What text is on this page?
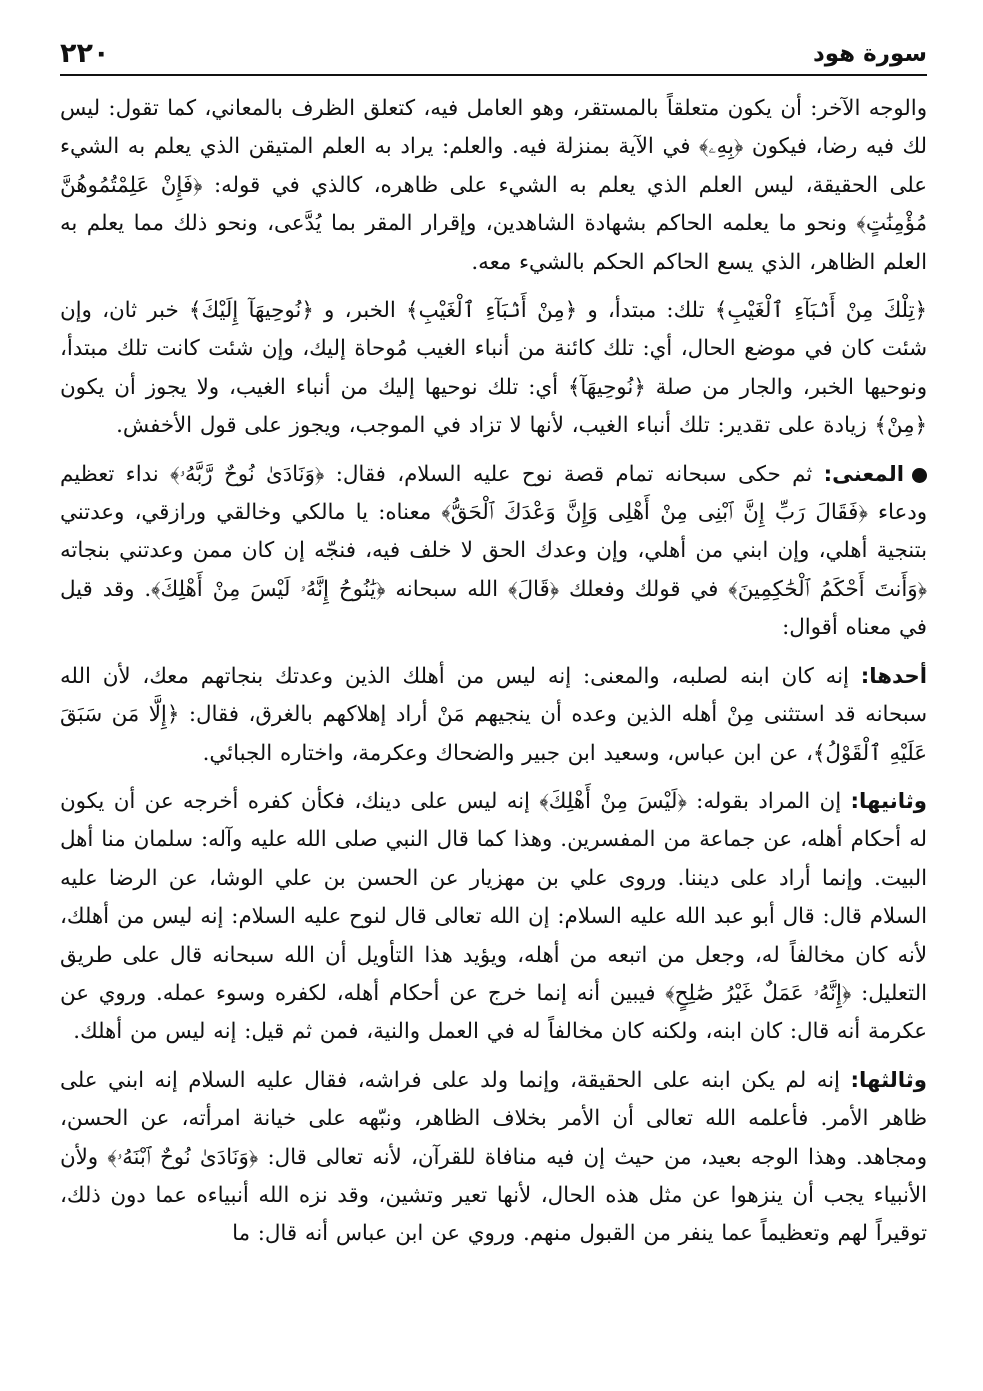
٢٢٠	سورة هود

والوجه الآخر: أن يكون متعلقاً بالمستقر، وهو العامل فيه، كتعلق الظرف بالمعاني، كما تقول: ليس لك فيه رضا، فيكون ﴿بِهِۦ﴾ في الآية بمنزلة فيه. والعلم: يراد به العلم المتيقن الذي يعلم به الشيء على الحقيقة، ليس العلم الذي يعلم به الشيء على ظاهره، كالذي في قوله: ﴿فَإِنْ عَلِمْتُمُوهُنَّ مُؤْمِنَٰتٍ﴾ ونحو ما يعلمه الحاكم بشهادة الشاهدين، وإقرار المقر بما يُدَّعى، ونحو ذلك مما يعلم به العلم الظاهر، الذي يسع الحاكم الحكم بالشيء معه.

﴿تِلْكَ مِنْ أَنۢبَآءِ ٱلْغَيْبِ﴾ تلك: مبتدأ، و ﴿مِنْ أَنۢبَآءِ ٱلْغَيْبِ﴾ الخبر، و ﴿نُوحِيهَآ إِلَيْكَ﴾ خبر ثان، وإن شئت كان في موضع الحال، أي: تلك كائنة من أنباء الغيب مُوحاة إليك، وإن شئت كانت تلك مبتدأ، ونوحيها الخبر، والجار من صلة ﴿نُوحِيهَآ﴾ أي: تلك نوحيها إليك من أنباء الغيب، ولا يجوز أن يكون ﴿مِنْ﴾ زيادة على تقدير: تلك أنباء الغيب، لأنها لا تزاد في الموجب، ويجوز على قول الأخفش.

المعنى: ثم حكى سبحانه تمام قصة نوح عليه السلام، فقال: ﴿وَنَادَىٰ نُوحٌ رَّبَّهُۥ﴾ نداء تعظيم ودعاء ﴿فَقَالَ رَبِّ إِنَّ ٱبْنِى مِنْ أَهْلِى وَإِنَّ وَعْدَكَ ٱلْحَقُّ﴾ معناه: يا مالكي وخالقي ورازقي، وعدتني بتنجية أهلي، وإن ابني من أهلي، وإن وعدك الحق لا خلف فيه، فنجّه إن كان ممن وعدتني بنجاته ﴿وَأَنتَ أَحْكَمُ ٱلْحَٰكِمِينَ﴾ في قولك وفعلك ﴿قَالَ﴾ الله سبحانه ﴿يَٰنُوحُ إِنَّهُۥ لَيْسَ مِنْ أَهْلِكَ﴾. وقد قيل في معناه أقوال:

أحدها: إنه كان ابنه لصلبه، والمعنى: إنه ليس من أهلك الذين وعدتك بنجاتهم معك، لأن الله سبحانه قد استثنى مِنْ أهله الذين وعده أن ينجيهم مَنْ أراد إهلاكهم بالغرق، فقال: ﴿إِلَّا مَن سَبَقَ عَلَيْهِ ٱلْقَوْلُ﴾، عن ابن عباس، وسعيد ابن جبير والضحاك وعكرمة، واختاره الجبائي.

وثانيها: إن المراد بقوله: ﴿لَيْسَ مِنْ أَهْلِكَ﴾ إنه ليس على دينك، فكأن كفره أخرجه عن أن يكون له أحكام أهله، عن جماعة من المفسرين. وهذا كما قال النبي صلى الله عليه وآله: سلمان منا أهل البيت. وإنما أراد على ديننا. وروى علي بن مهزيار عن الحسن بن علي الوشا، عن الرضا عليه السلام قال: قال أبو عبد الله عليه السلام: إن الله تعالى قال لنوح عليه السلام: إنه ليس من أهلك، لأنه كان مخالفاً له، وجعل من اتبعه من أهله، ويؤيد هذا التأويل أن الله سبحانه قال على طريق التعليل: ﴿إِنَّهُۥ عَمَلٌ غَيْرُ صَٰلِحٍ﴾ فيبين أنه إنما خرج عن أحكام أهله، لكفره وسوء عمله. وروي عن عكرمة أنه قال: كان ابنه، ولكنه كان مخالفاً له في العمل والنية، فمن ثم قيل: إنه ليس من أهلك.

وثالثها: إنه لم يكن ابنه على الحقيقة، وإنما ولد على فراشه، فقال عليه السلام إنه ابني على ظاهر الأمر. فأعلمه الله تعالى أن الأمر بخلاف الظاهر، ونبّهه على خيانة امرأته، عن الحسن، ومجاهد. وهذا الوجه بعيد، من حيث إن فيه منافاة للقرآن، لأنه تعالى قال: ﴿وَنَادَىٰ نُوحٌ ٱبْنَهُۥ﴾ ولأن الأنبياء يجب أن ينزهوا عن مثل هذه الحال، لأنها تعير وتشين، وقد نزه الله أنبياءه عما دون ذلك، توقيراً لهم وتعظيماً عما ينفر من القبول منهم. وروي عن ابن عباس أنه قال: ما
